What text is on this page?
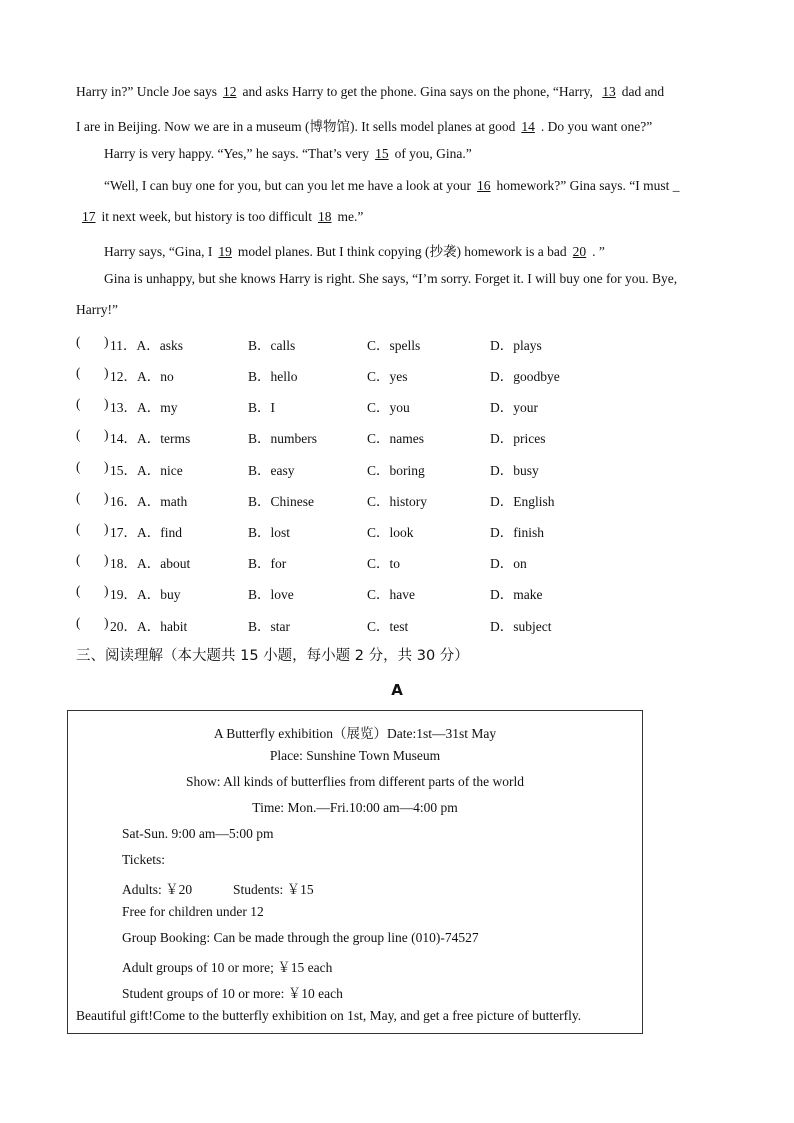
Harry in?” Uncle Joe says 12 and asks Harry to get the phone. Gina says on the phone, “Harry, 13 dad and
I are in Beijing. Now we are in a museum (博物馆). It sells model planes at good 14 . Do you want one?”
Harry is very happy. “Yes,” he says. “That’s very 15 of you, Gina.”
“Well, I can buy one for you, but can you let me have a look at your 16 homework?” Gina says. “I must _
17 it next week, but history is too difficult 18 me.”
Harry says, “Gina, I 19 model planes. But I think copying (抄袭) homework is a bad 20 . ”
Gina is unhappy, but she knows Harry is right. She says, “I’m sorry. Forget it. I will buy one for you. Bye,
Harry!”
( ) 11．A．asks	B．calls	C．spells	D．plays
( ) 12．A．no	B．hello	C．yes	D．goodbye
( ) 13．A．my	B．I	C．you	D．your
( ) 14．A．terms	B．numbers	C．names	D．prices
( ) 15．A．nice	B．easy	C．boring	D．busy
( ) 16．A．math	B．Chinese	C．history	D．English
( ) 17．A．find	B．lost	C．look	D．finish
( ) 18．A．about	B．for	C．to	D．on
( ) 19．A．buy	B．love	C．have	D．make
( ) 20．A．habit	B．star	C．test	D．subject
三、阅读理解（本大题共 15 小题，每小题 2 分，共 30 分）
A
A Butterfly exhibition（展览）Date:1st—31st May
Place: Sunshine Town Museum
Show: All kinds of butterflies from different parts of the world
Time: Mon.—Fri.10:00 am—4:00 pm
Sat-Sun. 9:00 am—5:00 pm
Tickets:
Adults: ￥20	Students: ￥15
Free for children under 12
Group Booking: Can be made through the group line (010)-74527
Adult groups of 10 or more; ￥15 each
Student groups of 10 or more: ￥10 each
Beautiful gift!Come to the butterfly exhibition on 1st, May, and get a free picture of butterfly.
